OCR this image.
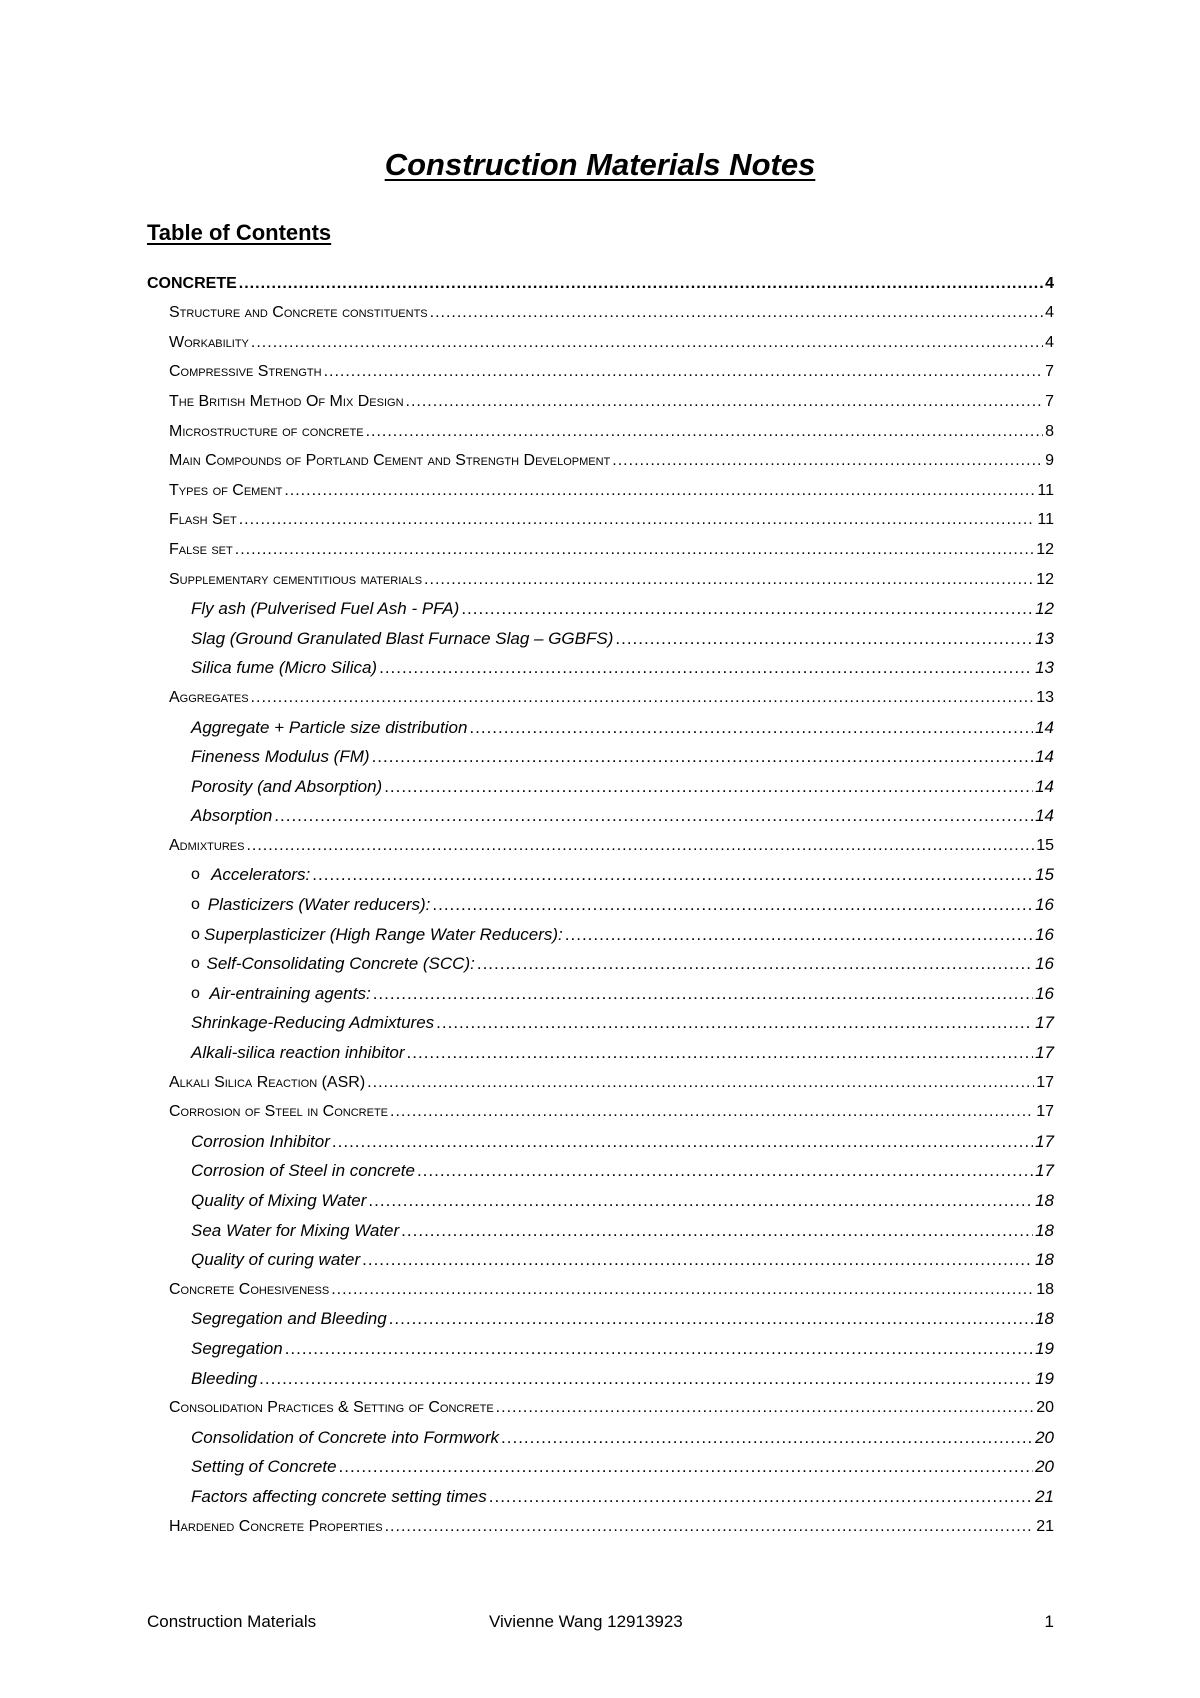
Construction Materials Notes
Table of Contents
CONCRETE .....	4
Structure and Concrete constituents .....	4
Workability .....	4
Compressive Strength .....	7
The British Method Of Mix Design .....	7
Microstructure of concrete .....	8
Main Compounds of Portland Cement and Strength Development .....	9
Types of Cement .....	11
Flash Set .....	11
False set .....	12
Supplementary cementitious materials .....	12
Fly ash (Pulverised Fuel Ash - PFA) .....	12
Slag (Ground Granulated Blast Furnace Slag – GGBFS) .....	13
Silica fume (Micro Silica) .....	13
Aggregates .....	13
Aggregate + Particle size distribution .....	14
Fineness Modulus (FM) .....	14
Porosity (and Absorption) .....	14
Absorption .....	14
Admixtures .....	15
o Accelerators: .....	15
o Plasticizers (Water reducers): .....	16
o Superplasticizer (High Range Water Reducers): .....	16
o Self-Consolidating Concrete (SCC): .....	16
o Air-entraining agents: .....	16
Shrinkage-Reducing Admixtures .....	17
Alkali-silica reaction inhibitor .....	17
Alkali Silica Reaction (ASR) .....	17
Corrosion of Steel in Concrete .....	17
Corrosion Inhibitor .....	17
Corrosion of Steel in concrete .....	17
Quality of Mixing Water .....	18
Sea Water for Mixing Water .....	18
Quality of curing water .....	18
Concrete Cohesiveness .....	18
Segregation and Bleeding .....	18
Segregation .....	19
Bleeding .....	19
Consolidation Practices & Setting of Concrete .....	20
Consolidation of Concrete into Formwork .....	20
Setting of Concrete .....	20
Factors affecting concrete setting times .....	21
Hardened Concrete Properties .....	21
Construction Materials	Vivienne Wang 12913923	1
